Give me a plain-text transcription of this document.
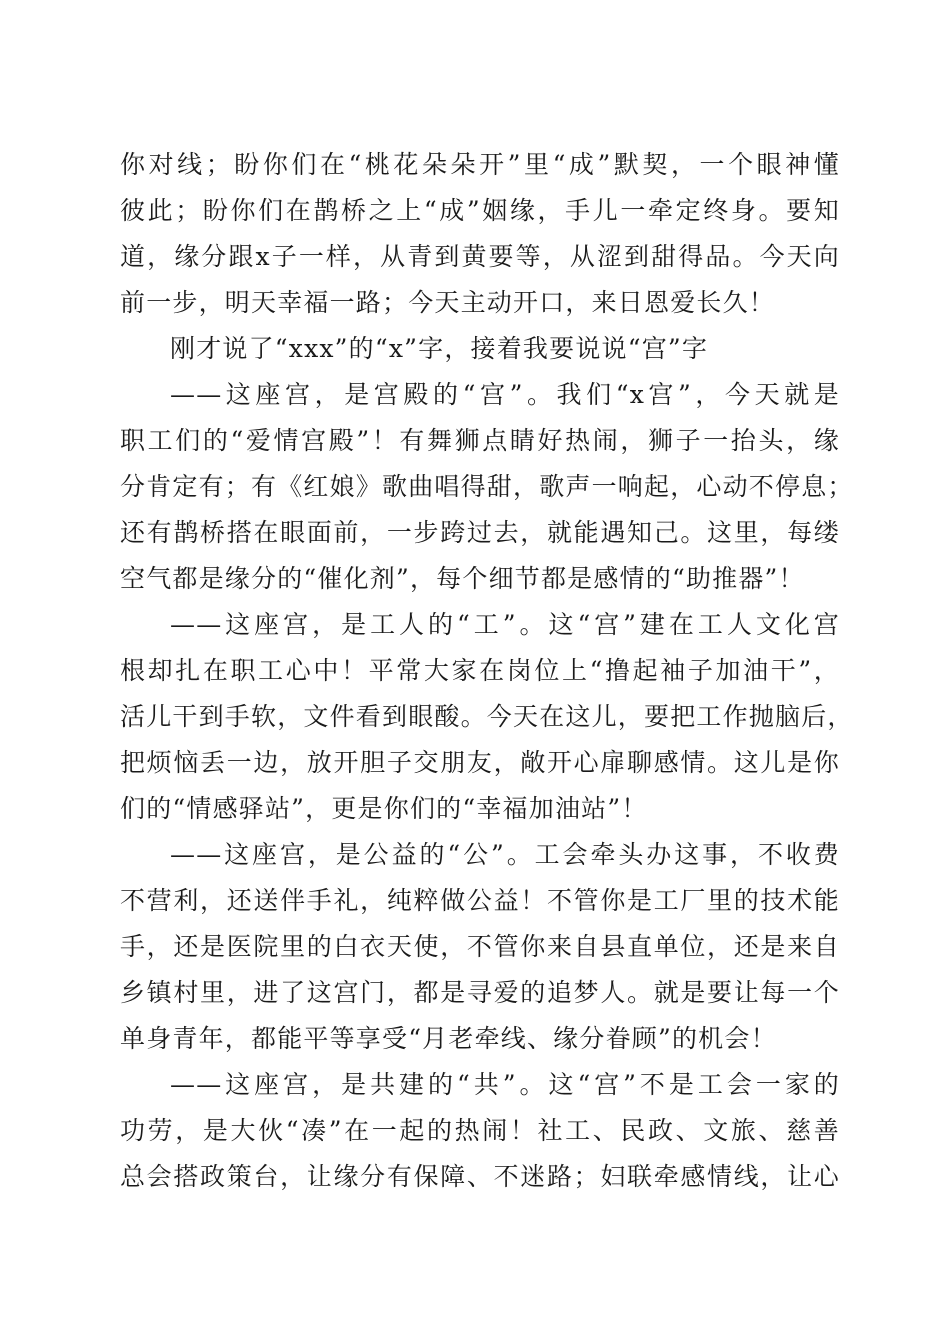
你对线；盼你们在“桃花朵朵开”里“成”默契，一个眼神懂
彼此；盼你们在鹊桥之上“成”姻缘，手儿一牵定终身。要知
道，缘分跟x子一样，从青到黄要等，从涩到甜得品。今天向
前一步，明天幸福一路；今天主动开口，来日恩爱长久！
刚才说了“xxx”的“x”字，接着我要说说“宫”字
——这座宫，是宫殿的“宫”。我们“x宫”，今天就是
职工们的“爱情宫殿”！有舞狮点睛好热闹，狮子一抬头，缘
分肯定有；有《红娘》歌曲唱得甜，歌声一响起，心动不停息；
还有鹊桥搭在眼面前，一步跨过去，就能遇知己。这里，每缕
空气都是缘分的“催化剂”，每个细节都是感情的“助推器”！
——这座宫，是工人的“工”。这“宫”建在工人文化宫
根却扎在职工心中！平常大家在岗位上“撸起袖子加油干”，
活儿干到手软，文件看到眼酸。今天在这儿，要把工作抛脑后，
把烦恼丢一边，放开胆子交朋友，敞开心扉聊感情。这儿是你
们的“情感驿站”，更是你们的“幸福加油站”！
——这座宫，是公益的“公”。工会牵头办这事，不收费
不营利，还送伴手礼，纯粹做公益！不管你是工厂里的技术能
手，还是医院里的白衣天使，不管你来自县直单位，还是来自
乡镇村里，进了这宫门，都是寻爱的追梦人。就是要让每一个
单身青年，都能平等享受“月老牵线、缘分眷顾”的机会！
——这座宫，是共建的“共”。这“宫”不是工会一家的
功劳，是大伙“凑”在一起的热闹！社工、民政、文旅、慈善
总会搭政策台，让缘分有保障、不迷路；妇联牵感情线，让心
